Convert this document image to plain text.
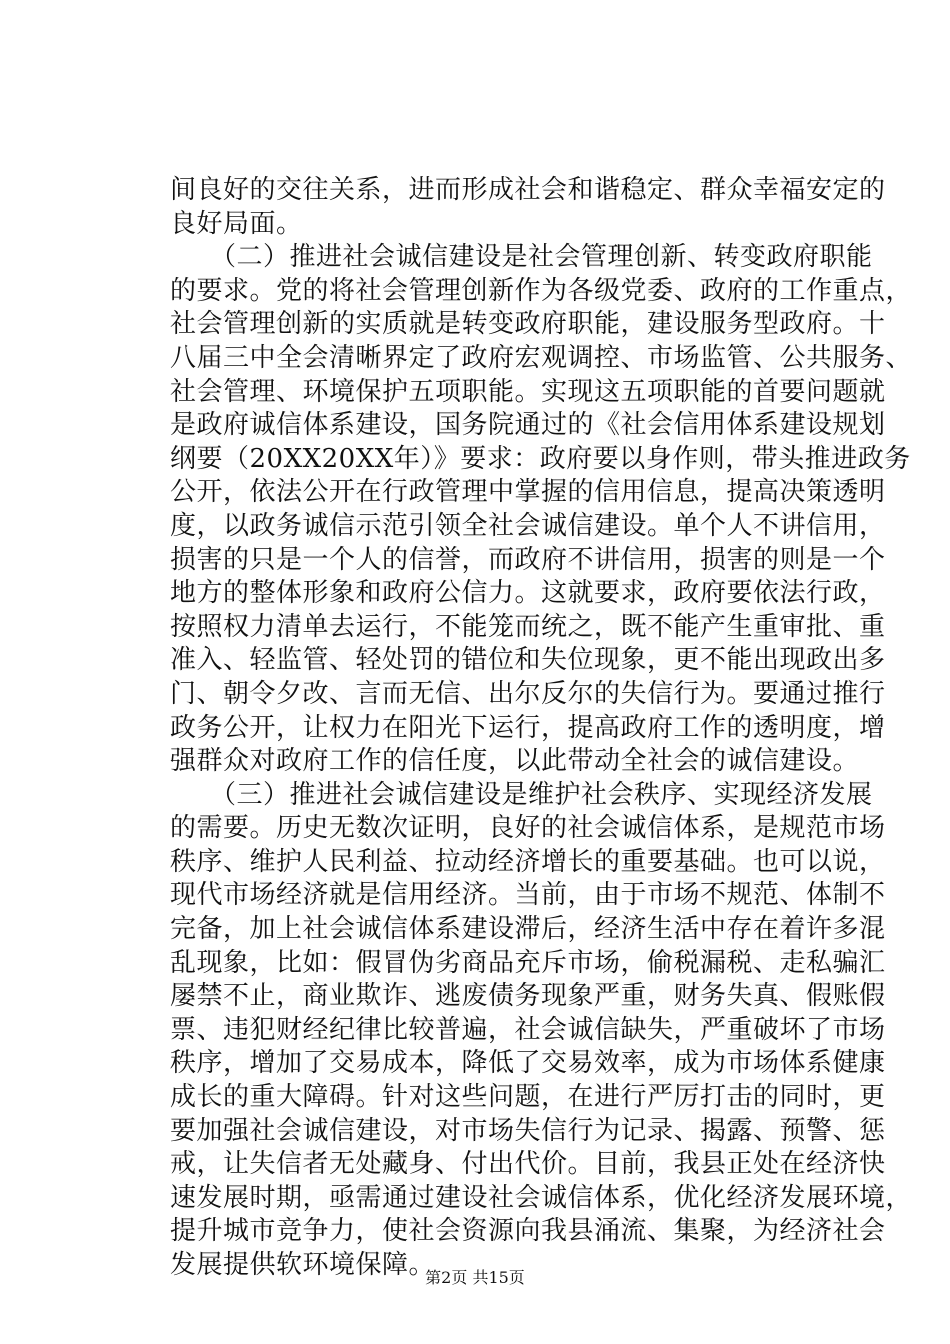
间良好的交往关系，进而形成社会和谐稳定、群众幸福安定的
良好局面。
　　（二）推进社会诚信建设是社会管理创新、转变政府职能
的要求。党的将社会管理创新作为各级党委、政府的工作重点，
社会管理创新的实质就是转变政府职能，建设服务型政府。十
八届三中全会清晰界定了政府宏观调控、市场监管、公共服务、
社会管理、环境保护五项职能。实现这五项职能的首要问题就
是政府诚信体系建设，国务院通过的《社会信用体系建设规划
纲要（20XX20XX年）》要求：政府要以身作则，带头推进政务
公开，依法公开在行政管理中掌握的信用信息，提高决策透明
度，以政务诚信示范引领全社会诚信建设。单个人不讲信用，
损害的只是一个人的信誉，而政府不讲信用，损害的则是一个
地方的整体形象和政府公信力。这就要求，政府要依法行政，
按照权力清单去运行，不能笼而统之，既不能产生重审批、重
准入、轻监管、轻处罚的错位和失位现象，更不能出现政出多
门、朝令夕改、言而无信、出尔反尔的失信行为。要通过推行
政务公开，让权力在阳光下运行，提高政府工作的透明度，增
强群众对政府工作的信任度，以此带动全社会的诚信建设。
　　（三）推进社会诚信建设是维护社会秩序、实现经济发展
的需要。历史无数次证明，良好的社会诚信体系，是规范市场
秩序、维护人民利益、拉动经济增长的重要基础。也可以说，
现代市场经济就是信用经济。当前，由于市场不规范、体制不
完备，加上社会诚信体系建设滞后，经济生活中存在着许多混
乱现象，比如：假冒伪劣商品充斥市场，偷税漏税、走私骗汇
屡禁不止，商业欺诈、逃废债务现象严重，财务失真、假账假
票、违犯财经纪律比较普遍，社会诚信缺失，严重破坏了市场
秩序，增加了交易成本，降低了交易效率，成为市场体系健康
成长的重大障碍。针对这些问题，在进行严厉打击的同时，更
要加强社会诚信建设，对市场失信行为记录、揭露、预警、惩
戒，让失信者无处藏身、付出代价。目前，我县正处在经济快
速发展时期，亟需通过建设社会诚信体系，优化经济发展环境，
提升城市竞争力，使社会资源向我县涌流、集聚，为经济社会
发展提供软环境保障。
第2页 共15页
